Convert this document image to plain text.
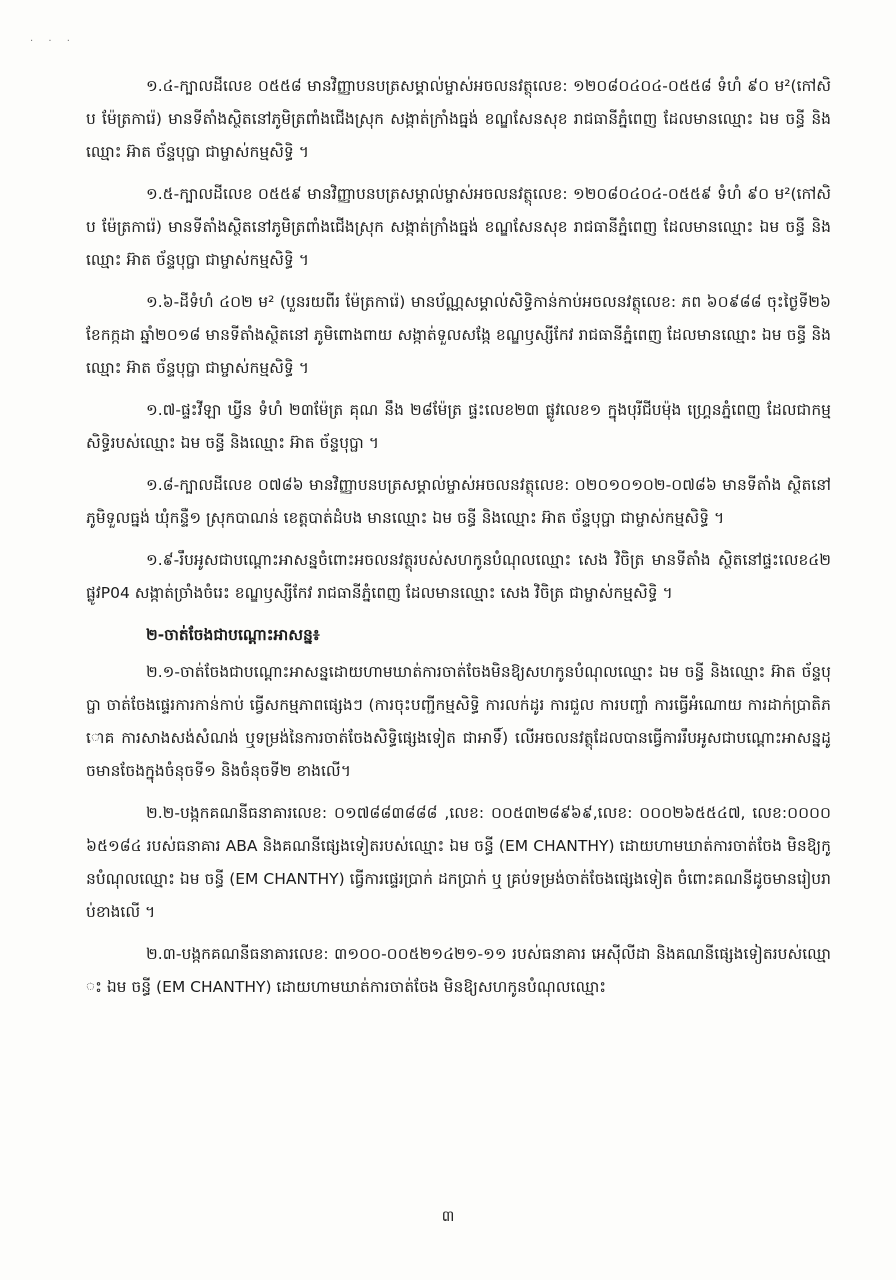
· · ·

១.៤-ក្បាលដីលេខ ០៥៥៨ មានវិញ្ញាបនបត្រសម្គាល់ម្ចាស់អចលនវត្ថុលេខ: ១២០៨០៤០៤-០៥៥៨ ទំហំ ៩០ ម²(កៅសិប ម៉ែត្រការ៉េ) មានទីតាំងស្ថិតនៅភូមិត្រពាំងជើងស្រុក សង្កាត់ក្រាំងធ្នង់ ខណ្ឌសែនសុខ រាជធានីភ្នំពេញ ដែលមានឈ្មោះ ឯម ចន្ធី និងឈ្មោះ អ៊ាត ច័ន្ទបុប្ផា ជាម្ចាស់កម្មសិទ្ធិ ។

១.៥-ក្បាលដីលេខ ០៥៥៩ មានវិញ្ញាបនបត្រសម្គាល់ម្ចាស់អចលនវត្ថុលេខ: ១២០៨០៤០៤-០៥៥៩ ទំហំ ៩០ ម²(កៅសិប ម៉ែត្រការ៉េ) មានទីតាំងស្ថិតនៅភូមិត្រពាំងជើងស្រុក សង្កាត់ក្រាំងធ្នង់ ខណ្ឌសែនសុខ រាជធានីភ្នំពេញ ដែលមានឈ្មោះ ឯម ចន្ធី និងឈ្មោះ អ៊ាត ច័ន្ទបុប្ផា ជាម្ចាស់កម្មសិទ្ធិ ។

១.៦-ដីទំហំ ៤០២ ម² (បួនរយពីរ ម៉ែត្រការ៉េ) មានប័ណ្ណសម្គាល់សិទ្ធិកាន់កាប់អចលនវត្ថុលេខ: ភព ៦០៩៨៨ ចុះថ្ងៃទី២៦ ខែកក្កដា ឆ្នាំ២០១៨ មានទីតាំងស្ថិតនៅ ភូមិពោងពាយ សង្កាត់ទួលសង្កែ ខណ្ឌឫស្សីកែវ រាជធានីភ្នំពេញ ដែលមានឈ្មោះ ឯម ចន្ធី និងឈ្មោះ អ៊ាត ច័ន្ទបុប្ផា ជាម្ចាស់កម្មសិទ្ធិ ។

១.៧-ផ្ទះវីឡា ឃ្វីន ទំហំ ២៣ម៉ែត្រ គុណ នឹង ២៨ម៉ែត្រ ផ្ទះលេខ២៣ ផ្លូវលេខ១ ក្នុងបុរីជីបម៉ុង ហ្រ្គេនភ្នំពេញ ដែលជាកម្មសិទ្ធិរបស់ឈ្មោះ ឯម ចន្ធី និងឈ្មោះ អ៊ាត ច័ន្ទបុប្ផា ។

១.៨-ក្បាលដីលេខ ០៧៨៦ មានវិញ្ញាបនបត្រសម្គាល់ម្ចាស់អចលនវត្ថុលេខ: ០២០១០១០២-០៧៨៦ មានទីតាំង ស្ថិតនៅភូមិទួលធ្នង់ ឃុំកន្ទឺ១ ស្រុកបាណន់ ខេត្តបាត់ដំបង មានឈ្មោះ ឯម ចន្ធី និងឈ្មោះ អ៊ាត ច័ន្ទបុប្ផា ជាម្ចាស់កម្មសិទ្ធិ ។

១.៩-រឹបអូសជាបណ្ដោះអាសន្នចំពោះអចលនវត្ថុរបស់សហកូនបំណុលឈ្មោះ សេង វិចិត្រ មានទីតាំង ស្ថិតនៅផ្ទះលេខ៤២ ផ្លូវP04 សង្កាត់ច្រាំងចំរេះ ខណ្ឌឫស្សីកែវ រាជធានីភ្នំពេញ ដែលមានឈ្មោះ សេង វិចិត្រ ជាម្ចាស់កម្មសិទ្ធិ ។

២-ចាត់ចែងជាបណ្ដោះអាសន្ន៖

២.១-ចាត់ចែងជាបណ្ដោះអាសន្នដោយហាមឃាត់ការចាត់ចែងមិនឱ្យសហកូនបំណុលឈ្មោះ ឯម ចន្ធី និងឈ្មោះ អ៊ាត ច័ន្ទបុប្ផា ចាត់ចែងផ្ទេរការកាន់កាប់ ធ្វើសកម្មភាពផ្សេងៗ (ការចុះបញ្ជីកម្មសិទ្ធិ ការលក់ដូរ ការជួល ការបញ្ចាំ ការធ្វើអំណោយ ការដាក់ប្រាតិភោគ ការសាងសង់សំណង់ ឬទម្រង់នៃការចាត់ចែងសិទ្ធិផ្សេងទៀត ជាអាទិ៍) លើអចលនវត្ថុដែលបានធ្វើការរឹបអូសជាបណ្ដោះអាសន្នដូចមានចែងក្នុងចំនុចទី១ និងចំនុចទី២ ខាងលើ។

២.២-បង្កកគណនីធនាគារលេខ: ០១៧៨៨៣៨៨៨ ,លេខ: ០០៥៣២៨៩៦៩,លេខ: ០០០២៦៥៥៤៧, លេខ:០០០០៦៥១៨៤ របស់ធនាគារ ABA និងគណនីផ្សេងទៀតរបស់ឈ្មោះ ឯម ចន្ធី (EM CHANTHY) ដោយហាមឃាត់ការចាត់ចែង មិនឱ្យកូនបំណុលឈ្មោះ ឯម ចន្ធី (EM CHANTHY) ធ្វើការផ្ទេរប្រាក់ ដកប្រាក់ ឬ គ្រប់ទម្រង់ចាត់ចែងផ្សេងទៀត ចំពោះគណនីដូចមានរៀបរាប់ខាងលើ ។

២.៣-បង្កកគណនីធនាគារលេខ: ៣១០០-០០៥២១៤២១-១១ របស់ធនាគារ អេស៊ីលីដា និងគណនីផ្សេងទៀតរបស់ឈ្មោះ ឯម ចន្ធី (EM CHANTHY) ដោយហាមឃាត់ការចាត់ចែង មិនឱ្យសហកូនបំណុលឈ្មោះ

៣
